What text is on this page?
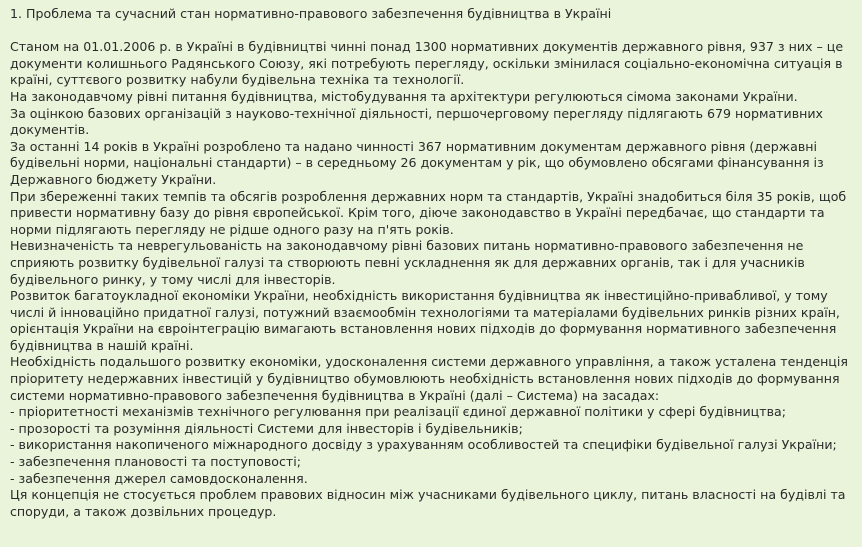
1. Проблема та сучасний стан нормативно-правового забезпечення будівництва в Україні

Станом на 01.01.2006 р. в Україні в будівництві чинні понад 1300 нормативних документів державного рівня, 937 з них – це документи колишнього Радянського Союзу, які потребують перегляду, оскільки змінилася соціально-економічна ситуація в країні, суттєвого розвитку набули будівельна техніка та технології.

На законодавчому рівні питання будівництва, містобудування та архітектури регулюються сімома законами України.

За оцінкою базових організацій з науково-технічної діяльності, першочерговому перегляду підлягають 679 нормативних документів.

За останні 14 років в Україні розроблено та надано чинності 367 нормативним документам державного рівня (державні будівельні норми, національні стандарти) – в середньому 26 документам у рік, що обумовлено обсягами фінансування із Державного бюджету України.

При збереженні таких темпів та обсягів розроблення державних норм та стандартів, Україні знадобиться біля 35 років, щоб привести нормативну базу до рівня європейської. Крім того, діюче законодавство в Україні передбачає, що стандарти та норми підлягають перегляду не рідше одного разу на п'ять років.

Невизначеність та неврегульованість на законодавчому рівні базових питань нормативно-правового забезпечення не сприяють розвитку будівельної галузі та створюють певні ускладнення як для державних органів, так і для учасників будівельного ринку, у тому числі для інвесторів.

Розвиток багатоукладної економіки України, необхідність використання будівництва як інвестиційно-привабливої, у тому числі й інноваційно придатної галузі, потужний взаємообмін технологіями та матеріалами будівельних ринків різних країн, орієнтація України на євроінтеграцію вимагають встановлення нових підходів до формування нормативного забезпечення будівництва в нашій країні.

Необхідність подальшого розвитку економіки, удосконалення системи державного управління, а також усталена тенденція пріоритету недержавних інвестицій у будівництво обумовлюють необхідність встановлення нових підходів до формування системи нормативно-правового забезпечення будівництва в Україні (далі – Система) на засадах:

- пріоритетності механізмів технічного регулювання при реалізації єдиної державної політики у сфері будівництва;

- прозорості та розуміння діяльності Системи для інвесторів і будівельників;

- використання накопиченого міжнародного досвіду з урахуванням особливостей та специфіки будівельної галузі України;

- забезпечення плановості та поступовості;

- забезпечення джерел самовдосконалення.

Ця концепція не стосується проблем правових відносин між учасниками будівельного циклу, питань власності на будівлі та споруди, а також дозвільних процедур.
